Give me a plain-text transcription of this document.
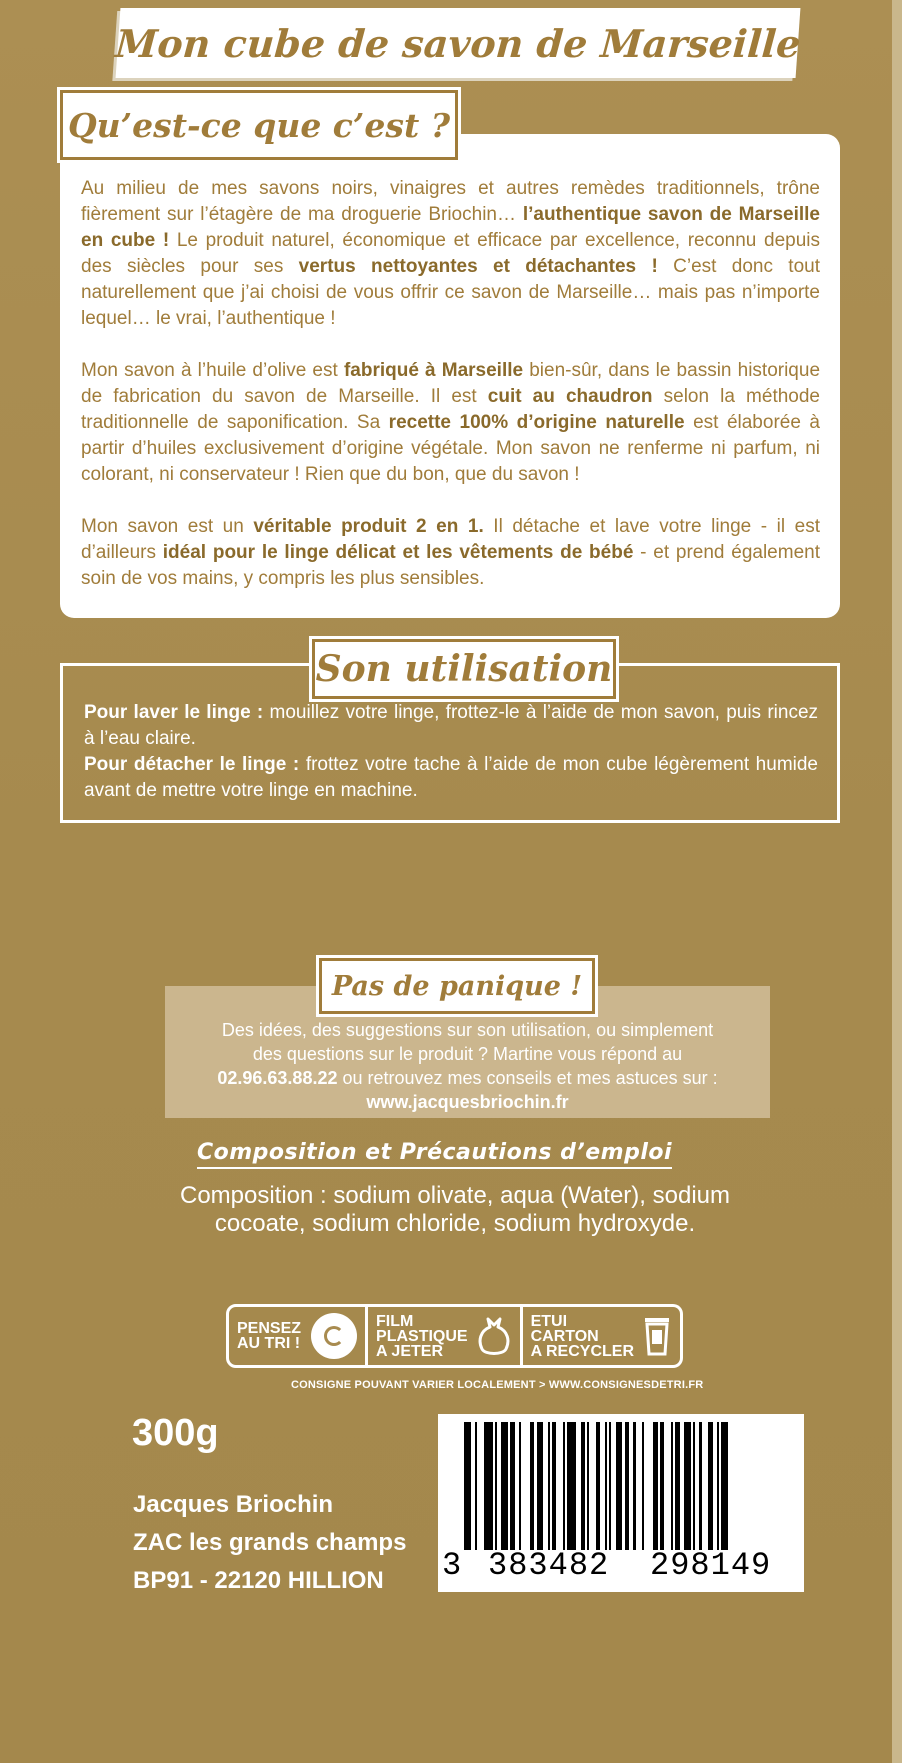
Mon cube de savon de Marseille
Qu’est-ce que c’est ?

Au milieu de mes savons noirs, vinaigres et autres remèdes traditionnels, trône fièrement sur l’étagère de ma droguerie Briochin… l’authentique savon de Marseille en cube ! Le produit naturel, économique et efficace par excellence, reconnu depuis des siècles pour ses vertus nettoyantes et détachantes ! C’est donc tout naturellement que j’ai choisi de vous offrir ce savon de Marseille… mais pas n’importe lequel… le vrai, l’authentique !

Mon savon à l’huile d’olive est fabriqué à Marseille bien-sûr, dans le bassin historique de fabrication du savon de Marseille. Il est cuit au chaudron selon la méthode traditionnelle de saponification. Sa recette 100% d’origine naturelle est élaborée à partir d’huiles exclusivement d’origine végétale. Mon savon ne renferme ni parfum, ni colorant, ni conservateur ! Rien que du bon, que du savon !

Mon savon est un véritable produit 2 en 1. Il détache et lave votre linge - il est d’ailleurs idéal pour le linge délicat et les vêtements de bébé - et prend également soin de vos mains, y compris les plus sensibles.

Son utilisation

Pour laver le linge : mouillez votre linge, frottez-le à l’aide de mon savon, puis rincez à l’eau claire.

Pour détacher le linge : frottez votre tache à l’aide de mon cube légèrement humide avant de mettre votre linge en machine.

Pas de panique !

Des idées, des suggestions sur son utilisation, ou simplement

des questions sur le produit ? Martine vous répond au

02.96.63.88.22 ou retrouvez mes conseils et mes astuces sur :

www.jacquesbriochin.fr

Composition et Précautions d’emploi
Composition : sodium olivate, aqua (Water), sodium
cocoate, sodium chloride, sodium hydroxyde.
PENSEZ
AU TRI !
FILM
PLASTIQUE
A JETER
ETUI
CARTON
A RECYCLER
CONSIGNE POUVANT VARIER LOCALEMENT > WWW.CONSIGNESDETRI.FR
300g
Jacques Briochin
ZAC les grands champs
BP91 - 22120 HILLION	3 383482 298149
